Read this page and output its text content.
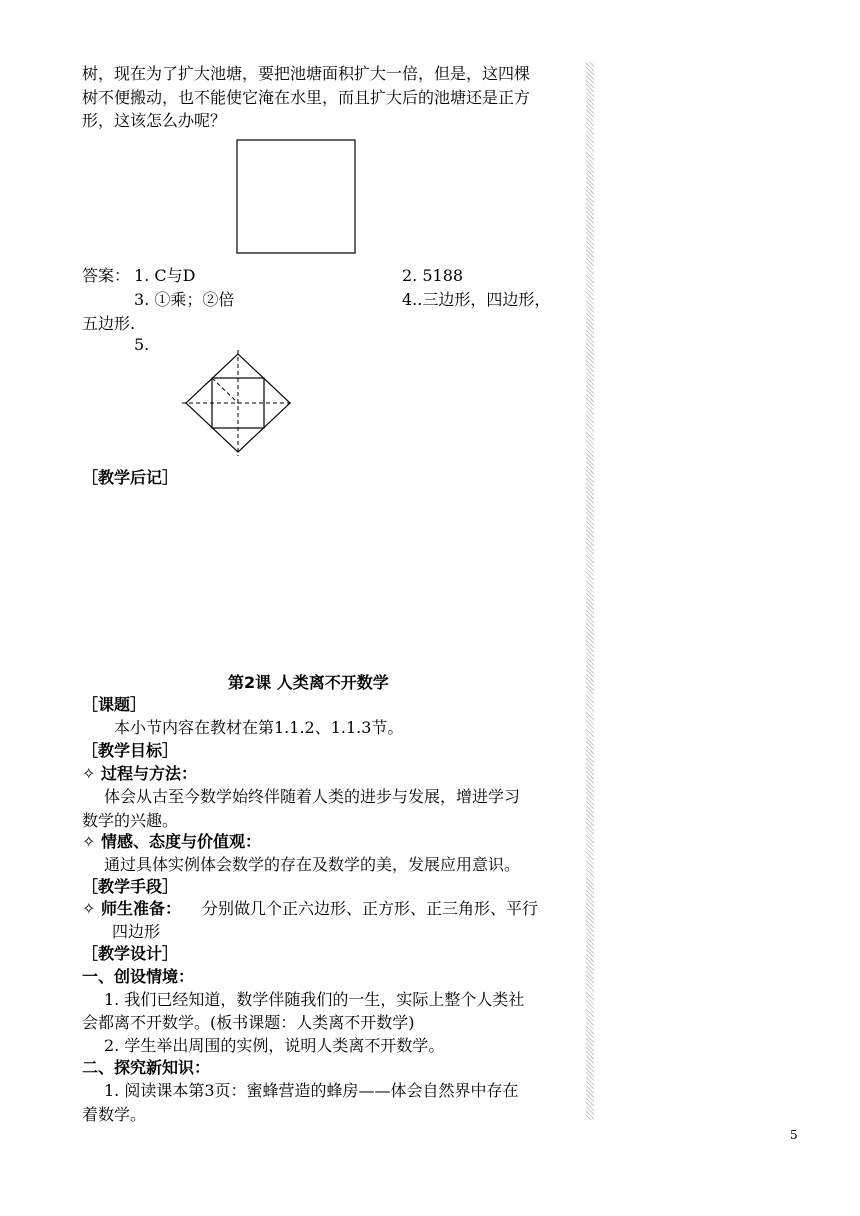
树，现在为了扩大池塘，要把池塘面积扩大一倍，但是，这四棵
树不便搬动，也不能使它淹在水里，而且扩大后的池塘还是正方
形，这该怎么办呢？
答案： 1. C与D	2. 5188
3. ①乘；②倍	4..三边形，四边形，
五边形.
5.
［教学后记］
第2课 人类离不开数学
［课题］
本小节内容在教材在第1.1.2、1.1.3节。
［教学目标］
✧ 过程与方法：
体会从古至今数学始终伴随着人类的进步与发展，增进学习
数学的兴趣。
✧ 情感、态度与价值观：
通过具体实例体会数学的存在及数学的美，发展应用意识。
［教学手段］
✧ 师生准备： 分别做几个正六边形、正方形、正三角形、平行
四边形
［教学设计］
一、创设情境：
1. 我们已经知道，数学伴随我们的一生，实际上整个人类社
会都离不开数学。(板书课题：人类离不开数学)
2. 学生举出周围的实例，说明人类离不开数学。
二、探究新知识：
1. 阅读课本第3页：蜜蜂营造的蜂房——体会自然界中存在
着数学。
5
